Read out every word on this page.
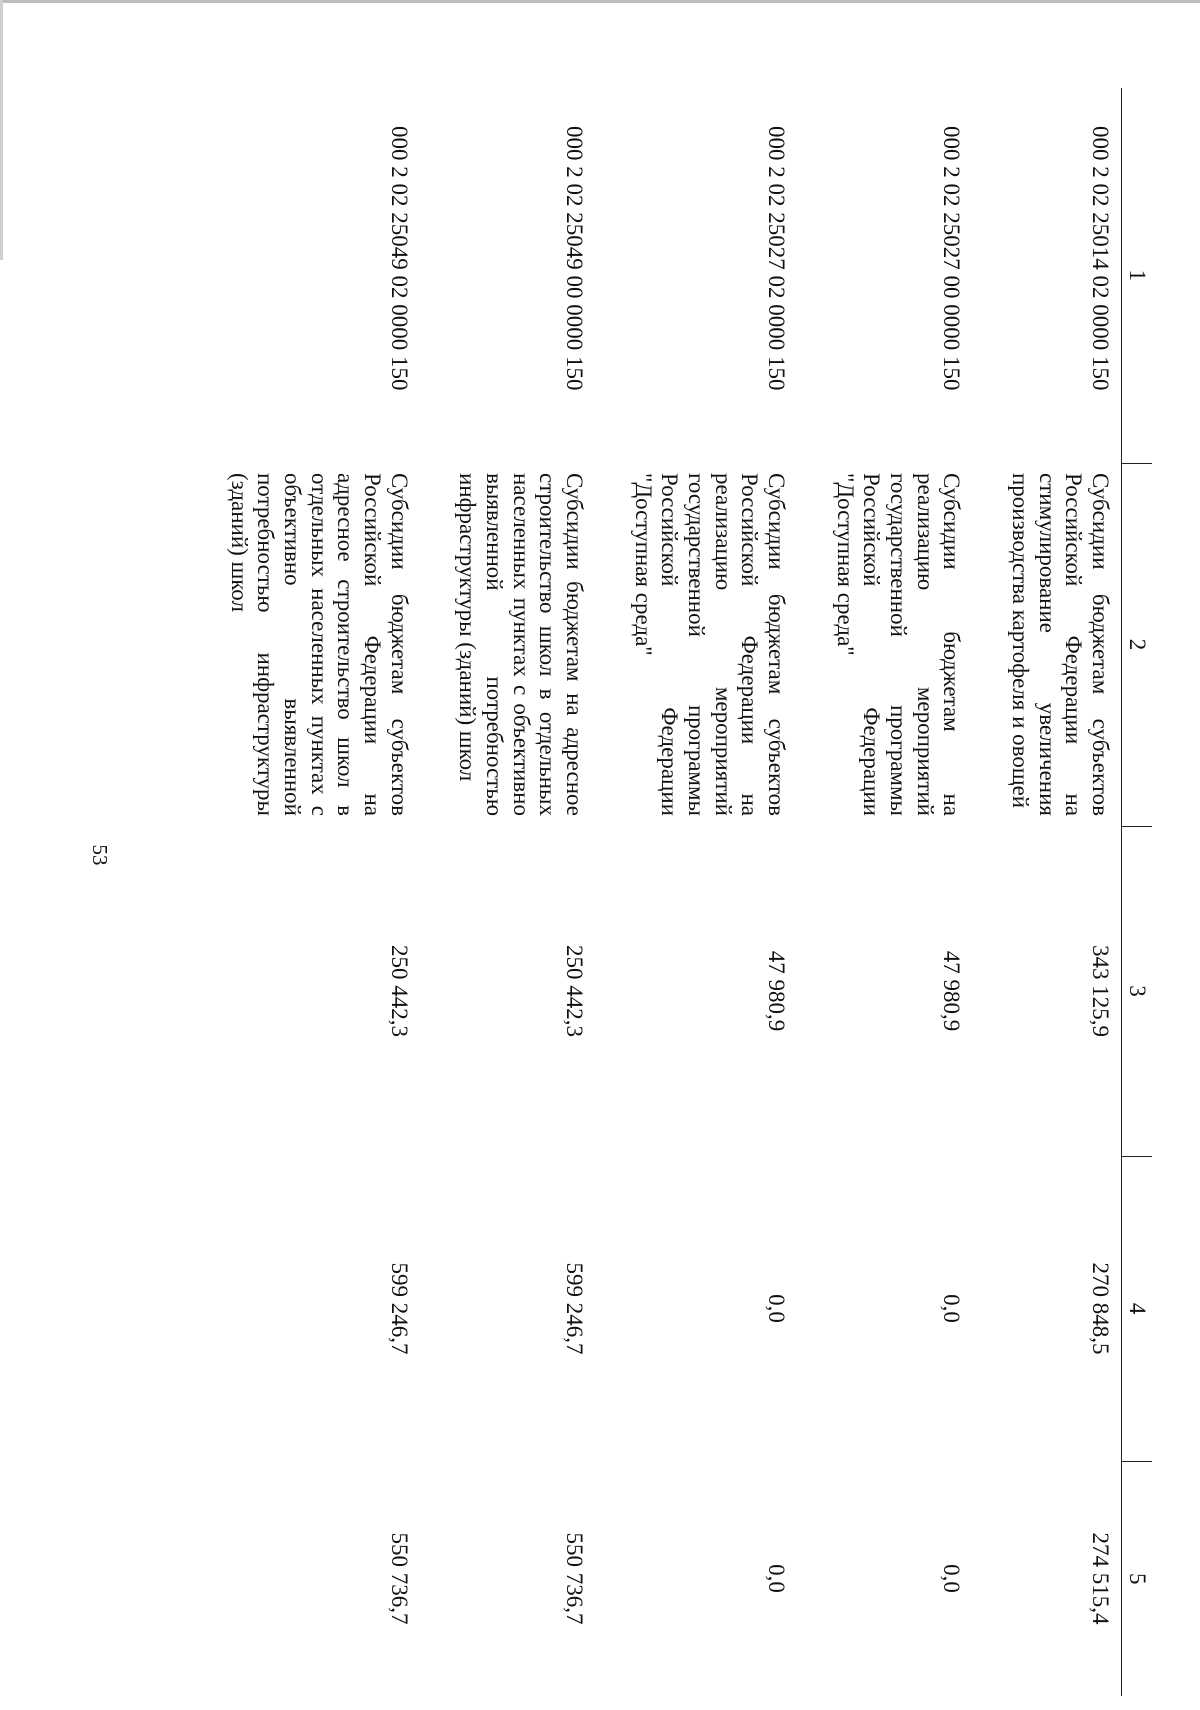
53
1	2	3	4	5
000 2 02 25014 02 0000 150	Субсидии бюджетам субъектов Российской Федерации на стимулирование увеличения производства картофеля и овощей	343 125,9	270 848,5	274 515,4
000 2 02 25027 00 0000 150	Субсидии бюджетам на реализацию мероприятий государственной программы Российской Федерации "Доступная среда"	47 980,9	0,0	0,0
000 2 02 25027 02 0000 150	Субсидии бюджетам субъектов Российской Федерации на реализацию мероприятий государственной программы Российской Федерации "Доступная среда"	47 980,9	0,0	0,0
000 2 02 25049 00 0000 150	Субсидии бюджетам на адресное строительство школ в отдельных населенных пунктах с объективно выявленной потребностью инфраструктуры (зданий) школ	250 442,3	599 246,7	550 736,7
000 2 02 25049 02 0000 150	Субсидии бюджетам субъектов Российской Федерации на адресное строительство школ в отдельных населенных пунктах с объективно выявленной потребностью инфраструктуры (зданий) школ	250 442,3	599 246,7	550 736,7
